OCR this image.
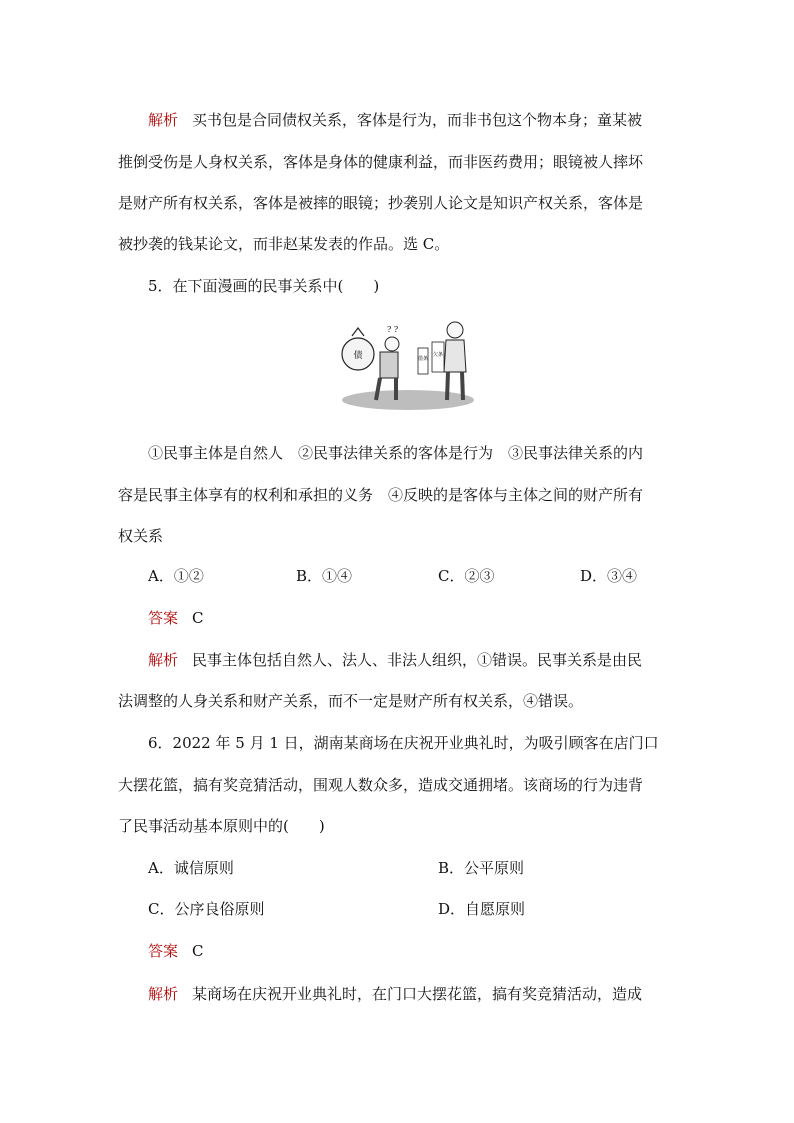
解析 买书包是合同债权关系，客体是行为，而非书包这个物本身；童某被
推倒受伤是人身权关系，客体是身体的健康利益，而非医药费用；眼镜被人摔坏
是财产所有权关系，客体是被摔的眼镜；抄袭别人论文是知识产权关系，客体是
被抄袭的钱某论文，而非赵某发表的作品。选 C。
5．在下面漫画的民事关系中(　　)
债
? ?
借条
欠条
①民事主体是自然人　②民事法律关系的客体是行为　③民事法律关系的内
容是民事主体享有的权利和承担的义务　④反映的是客体与主体之间的财产所有
权关系
A．①②	B．①④	C．②③	D．③④
答案 C
解析 民事主体包括自然人、法人、非法人组织，①错误。民事关系是由民
法调整的人身关系和财产关系，而不一定是财产所有权关系，④错误。
6．2022 年 5 月 1 日，湖南某商场在庆祝开业典礼时，为吸引顾客在店门口
大摆花篮，搞有奖竞猜活动，围观人数众多，造成交通拥堵。该商场的行为违背
了民事活动基本原则中的(　　)
A．诚信原则	B．公平原则
C．公序良俗原则	D．自愿原则
答案 C
解析 某商场在庆祝开业典礼时，在门口大摆花篮，搞有奖竞猜活动，造成
